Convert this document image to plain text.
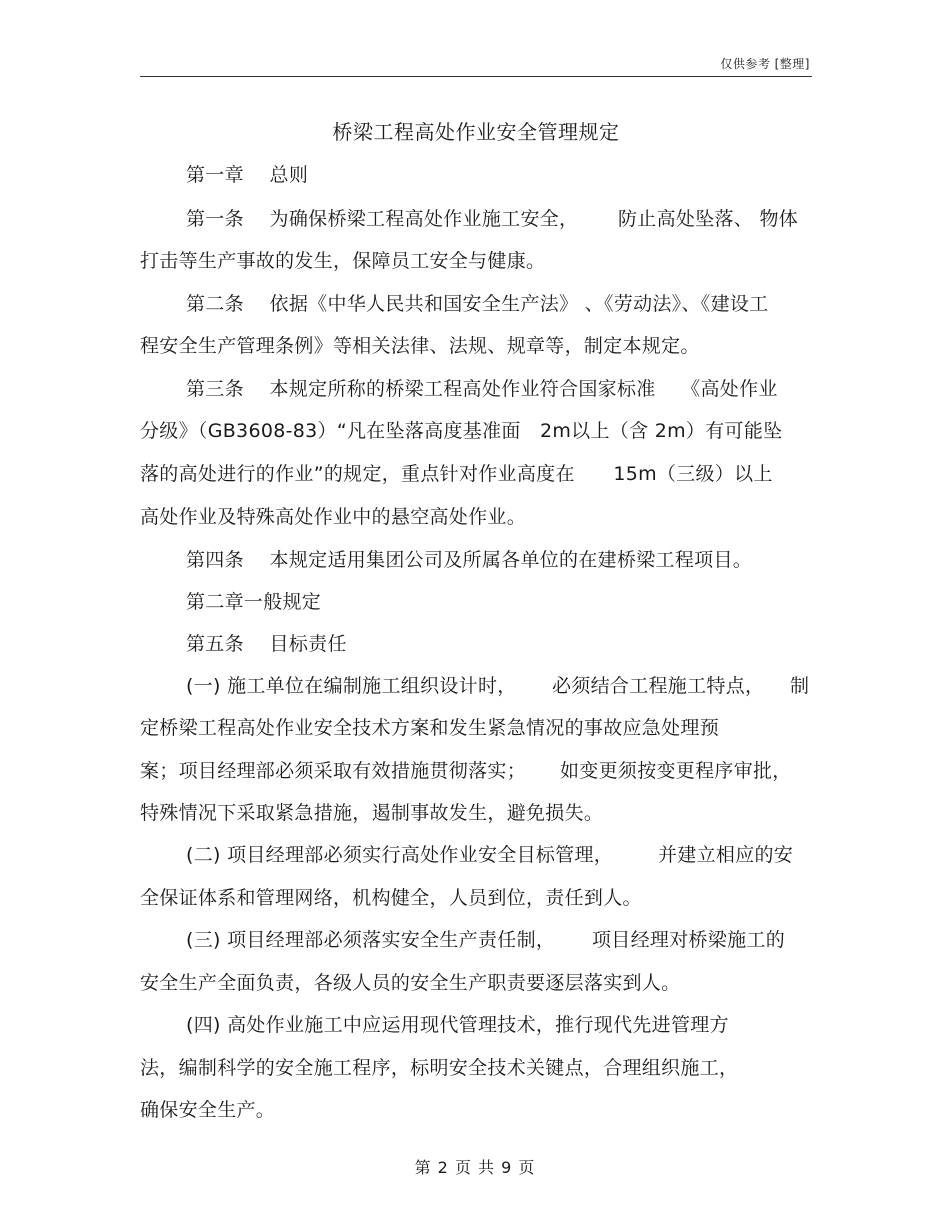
仅供参考 [整理]
桥梁工程高处作业安全管理规定
第一章　 总则
第一条　 为确保桥梁工程高处作业施工安全， 防止高处坠落、 物体
打击等生产事故的发生，保障员工安全与健康。
第二条　 依据《中华人民共和国安全生产法》 、《劳动法》、《建设工
程安全生产管理条例》等相关法律、法规、规章等，制定本规定。
第三条　 本规定所称的桥梁工程高处作业符合国家标准　 《高处作业
分级》（GB3608-83）“凡在坠落高度基准面　2m以上（含 2m）有可能坠
落的高处进行的作业”的规定，重点针对作业高度在　　15m（三级）以上
高处作业及特殊高处作业中的悬空高处作业。
第四条　 本规定适用集团公司及所属各单位的在建桥梁工程项目。
第二章一般规定
第五条　 目标责任
(一) 施工单位在编制施工组织设计时， 必须结合工程施工特点， 制
定桥梁工程高处作业安全技术方案和发生紧急情况的事故应急处理预
案；项目经理部必须采取有效措施贯彻落实； 如变更须按变更程序审批，
特殊情况下采取紧急措施，遏制事故发生，避免损失。
(二) 项目经理部必须实行高处作业安全目标管理， 并建立相应的安
全保证体系和管理网络，机构健全，人员到位，责任到人。
(三) 项目经理部必须落实安全生产责任制， 项目经理对桥梁施工的
安全生产全面负责，各级人员的安全生产职责要逐层落实到人。
(四) 高处作业施工中应运用现代管理技术，推行现代先进管理方
法，编制科学的安全施工程序，标明安全技术关键点，合理组织施工，
确保安全生产。
第 2 页 共 9 页
